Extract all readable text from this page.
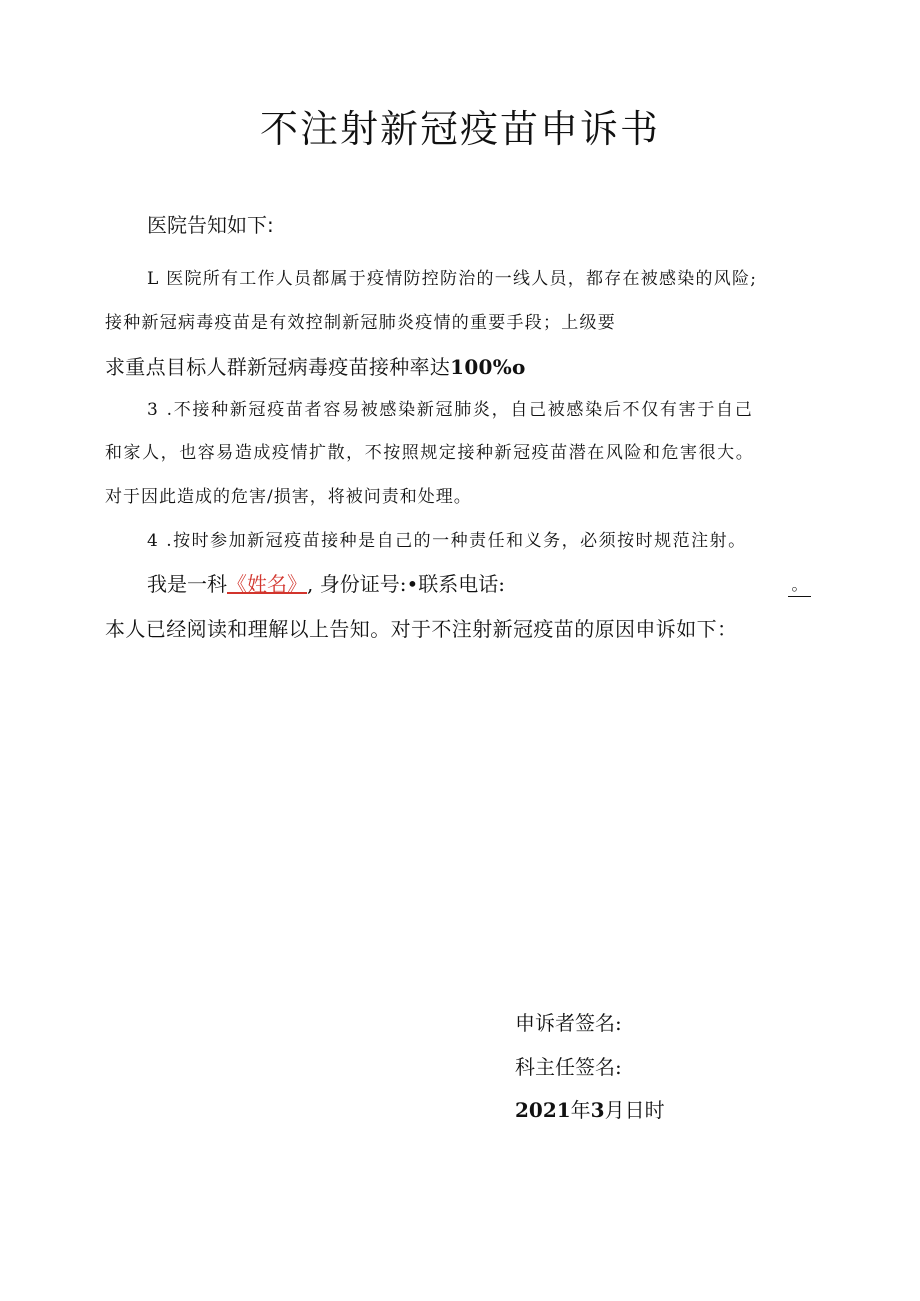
不注射新冠疫苗申诉书
医院告知如下:
L 医院所有工作人员都属于疫情防控防治的一线人员，都存在被感染的风险;
接种新冠病毒疫苗是有效控制新冠肺炎疫情的重要手段；上级要
求重点目标人群新冠病毒疫苗接种率达100%o
3 .不接种新冠疫苗者容易被感染新冠肺炎，自己被感染后不仅有害于自己
和家人，也容易造成疫情扩散，不按照规定接种新冠疫苗潜在风险和危害很大。
对于因此造成的危害/损害，将被问责和处理。
4 .按时参加新冠疫苗接种是自己的一种责任和义务，必须按时规范注射。
我是一科《姓名》, 身份证号:•联系电话:	。
本人已经阅读和理解以上告知。对于不注射新冠疫苗的原因申诉如下：
申诉者签名:
科主任签名:
2021年3月日时
